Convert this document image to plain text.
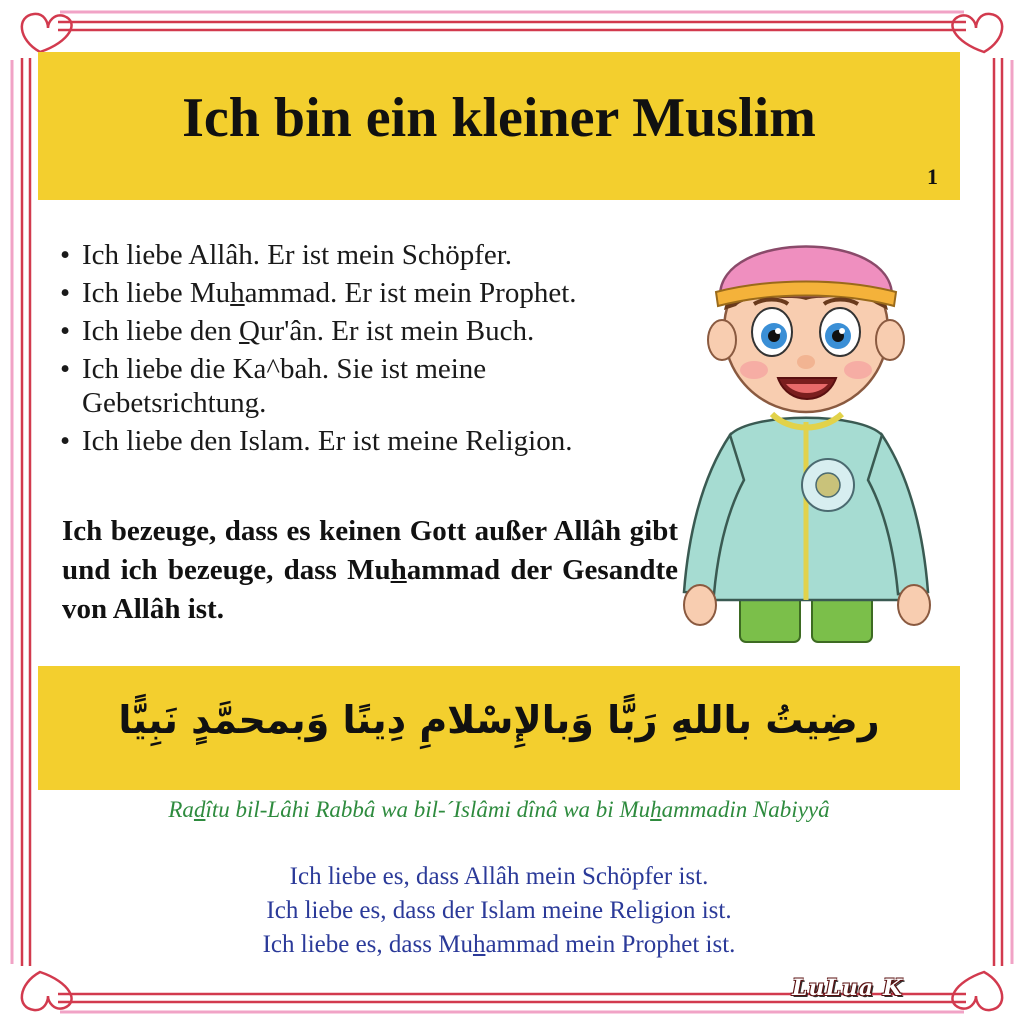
Ich bin ein kleiner Muslim
1
• Ich liebe Allâh. Er ist mein Schöpfer.
• Ich liebe Muhammad. Er ist mein Prophet.
• Ich liebe den Qur'ân. Er ist mein Buch.
• Ich liebe die Ka^bah. Sie ist meine Gebetsrichtung.
• Ich liebe den Islam. Er ist meine Religion.
Ich bezeuge, dass es keinen Gott außer Allâh gibt und ich bezeuge, dass Muhammad der Gesandte von Allâh ist.
رضِيتُ باللهِ رَبًّا وَبالإِسْلامِ دِينًا وَبمحمَّدٍ نَبِيًّا
Radîtu bil-Lâhi Rabbâ wa bil-´Islâmi dînâ wa bi Muhammadin Nabiyyâ
Ich liebe es, dass Allâh mein Schöpfer ist.
Ich liebe es, dass der Islam meine Religion ist.
Ich liebe es, dass Muhammad mein Prophet ist.
LuLua K
